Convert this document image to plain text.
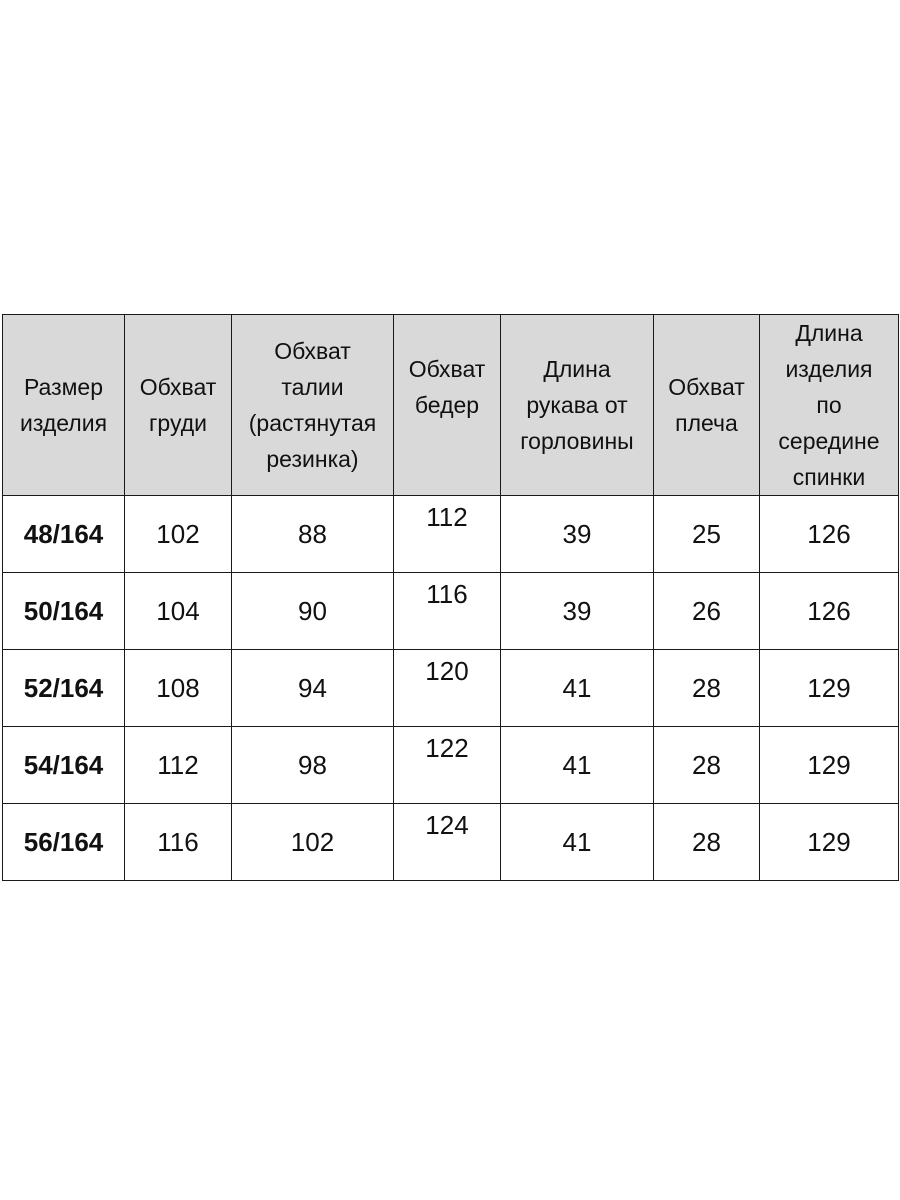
Размер
изделия	Обхват
груди	Обхват
талии
(растянутая
резинка)	Обхват
бедер	Длина
рукава от
горловины	Обхват
плеча	Длина
изделия
по
середине
спинки
48/164	102	88	112	39	25	126
50/164	104	90	116	39	26	126
52/164	108	94	120	41	28	129
54/164	112	98	122	41	28	129
56/164	116	102	124	41	28	129
